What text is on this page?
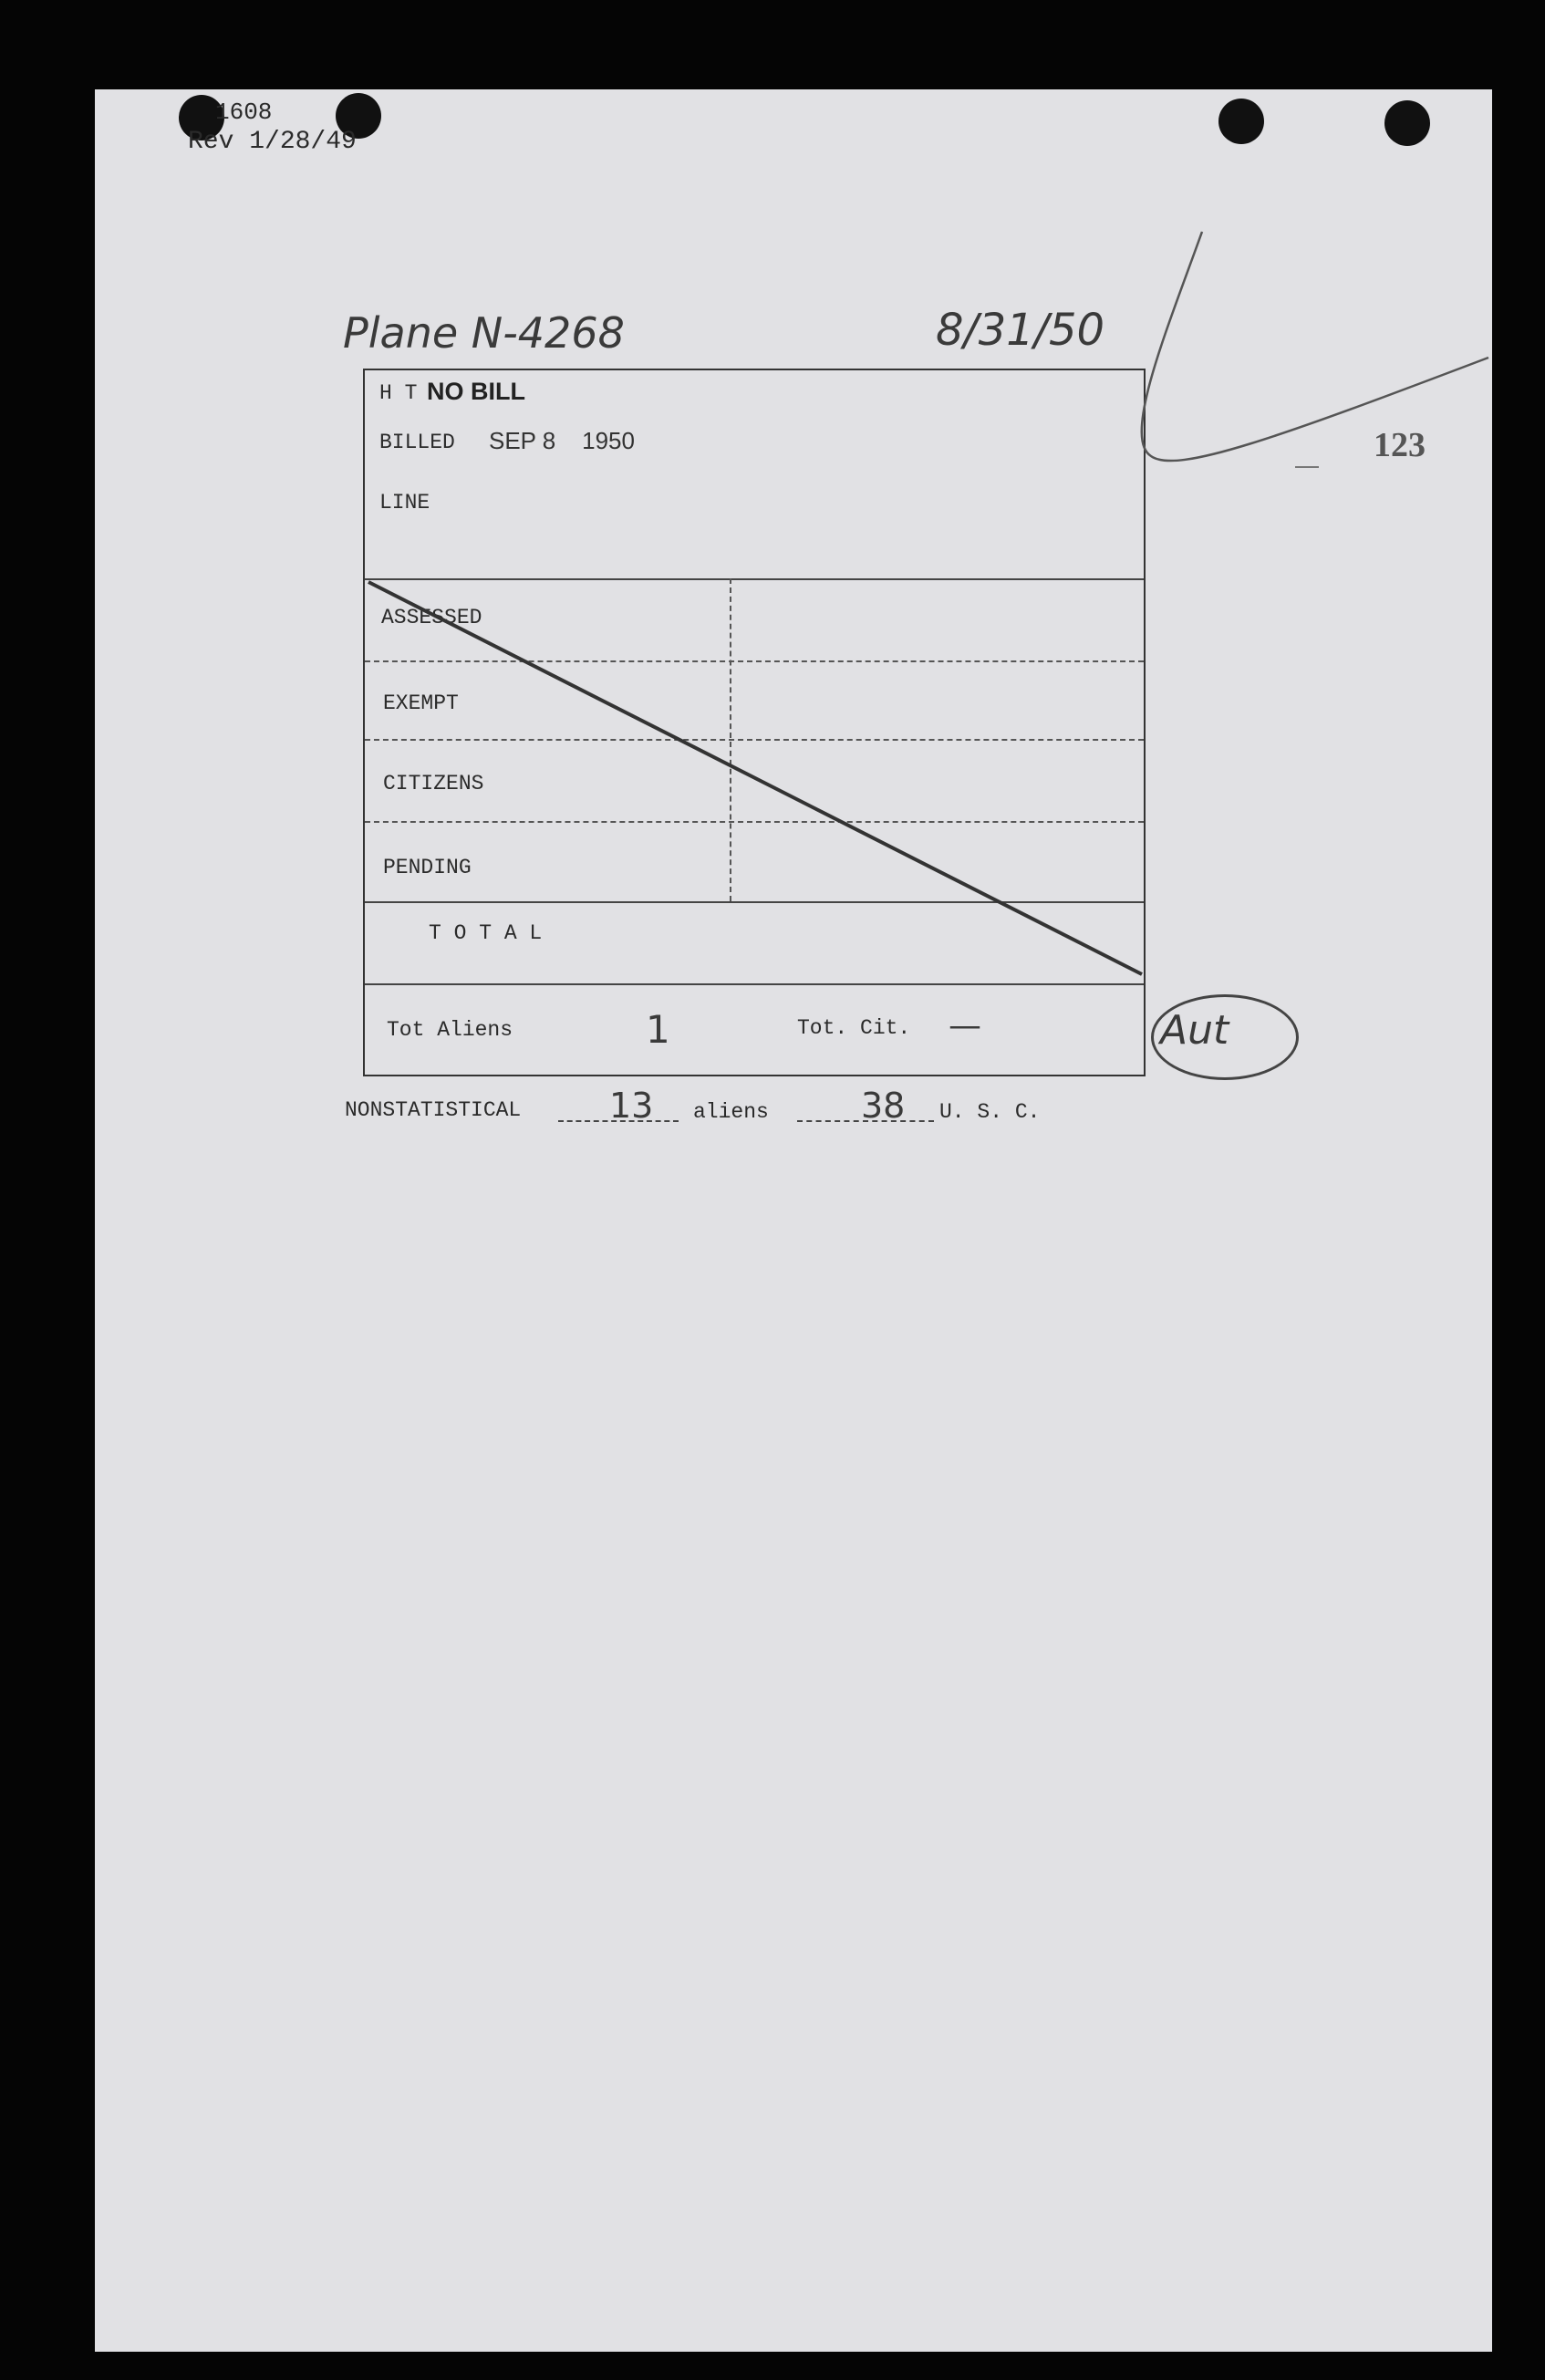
1608
Rev 1/28/49
Plane N-4268	8/31/50
123
H T NO BILL
BILLED SEP 8    1950
LINE
ASSESSED
EXEMPT
CITIZENS
PENDING
T O T A L
Tot Aliens	1	Tot. Cit. —	Aut
NONSTATISTICAL	13 aliens	38 U. S. C.
